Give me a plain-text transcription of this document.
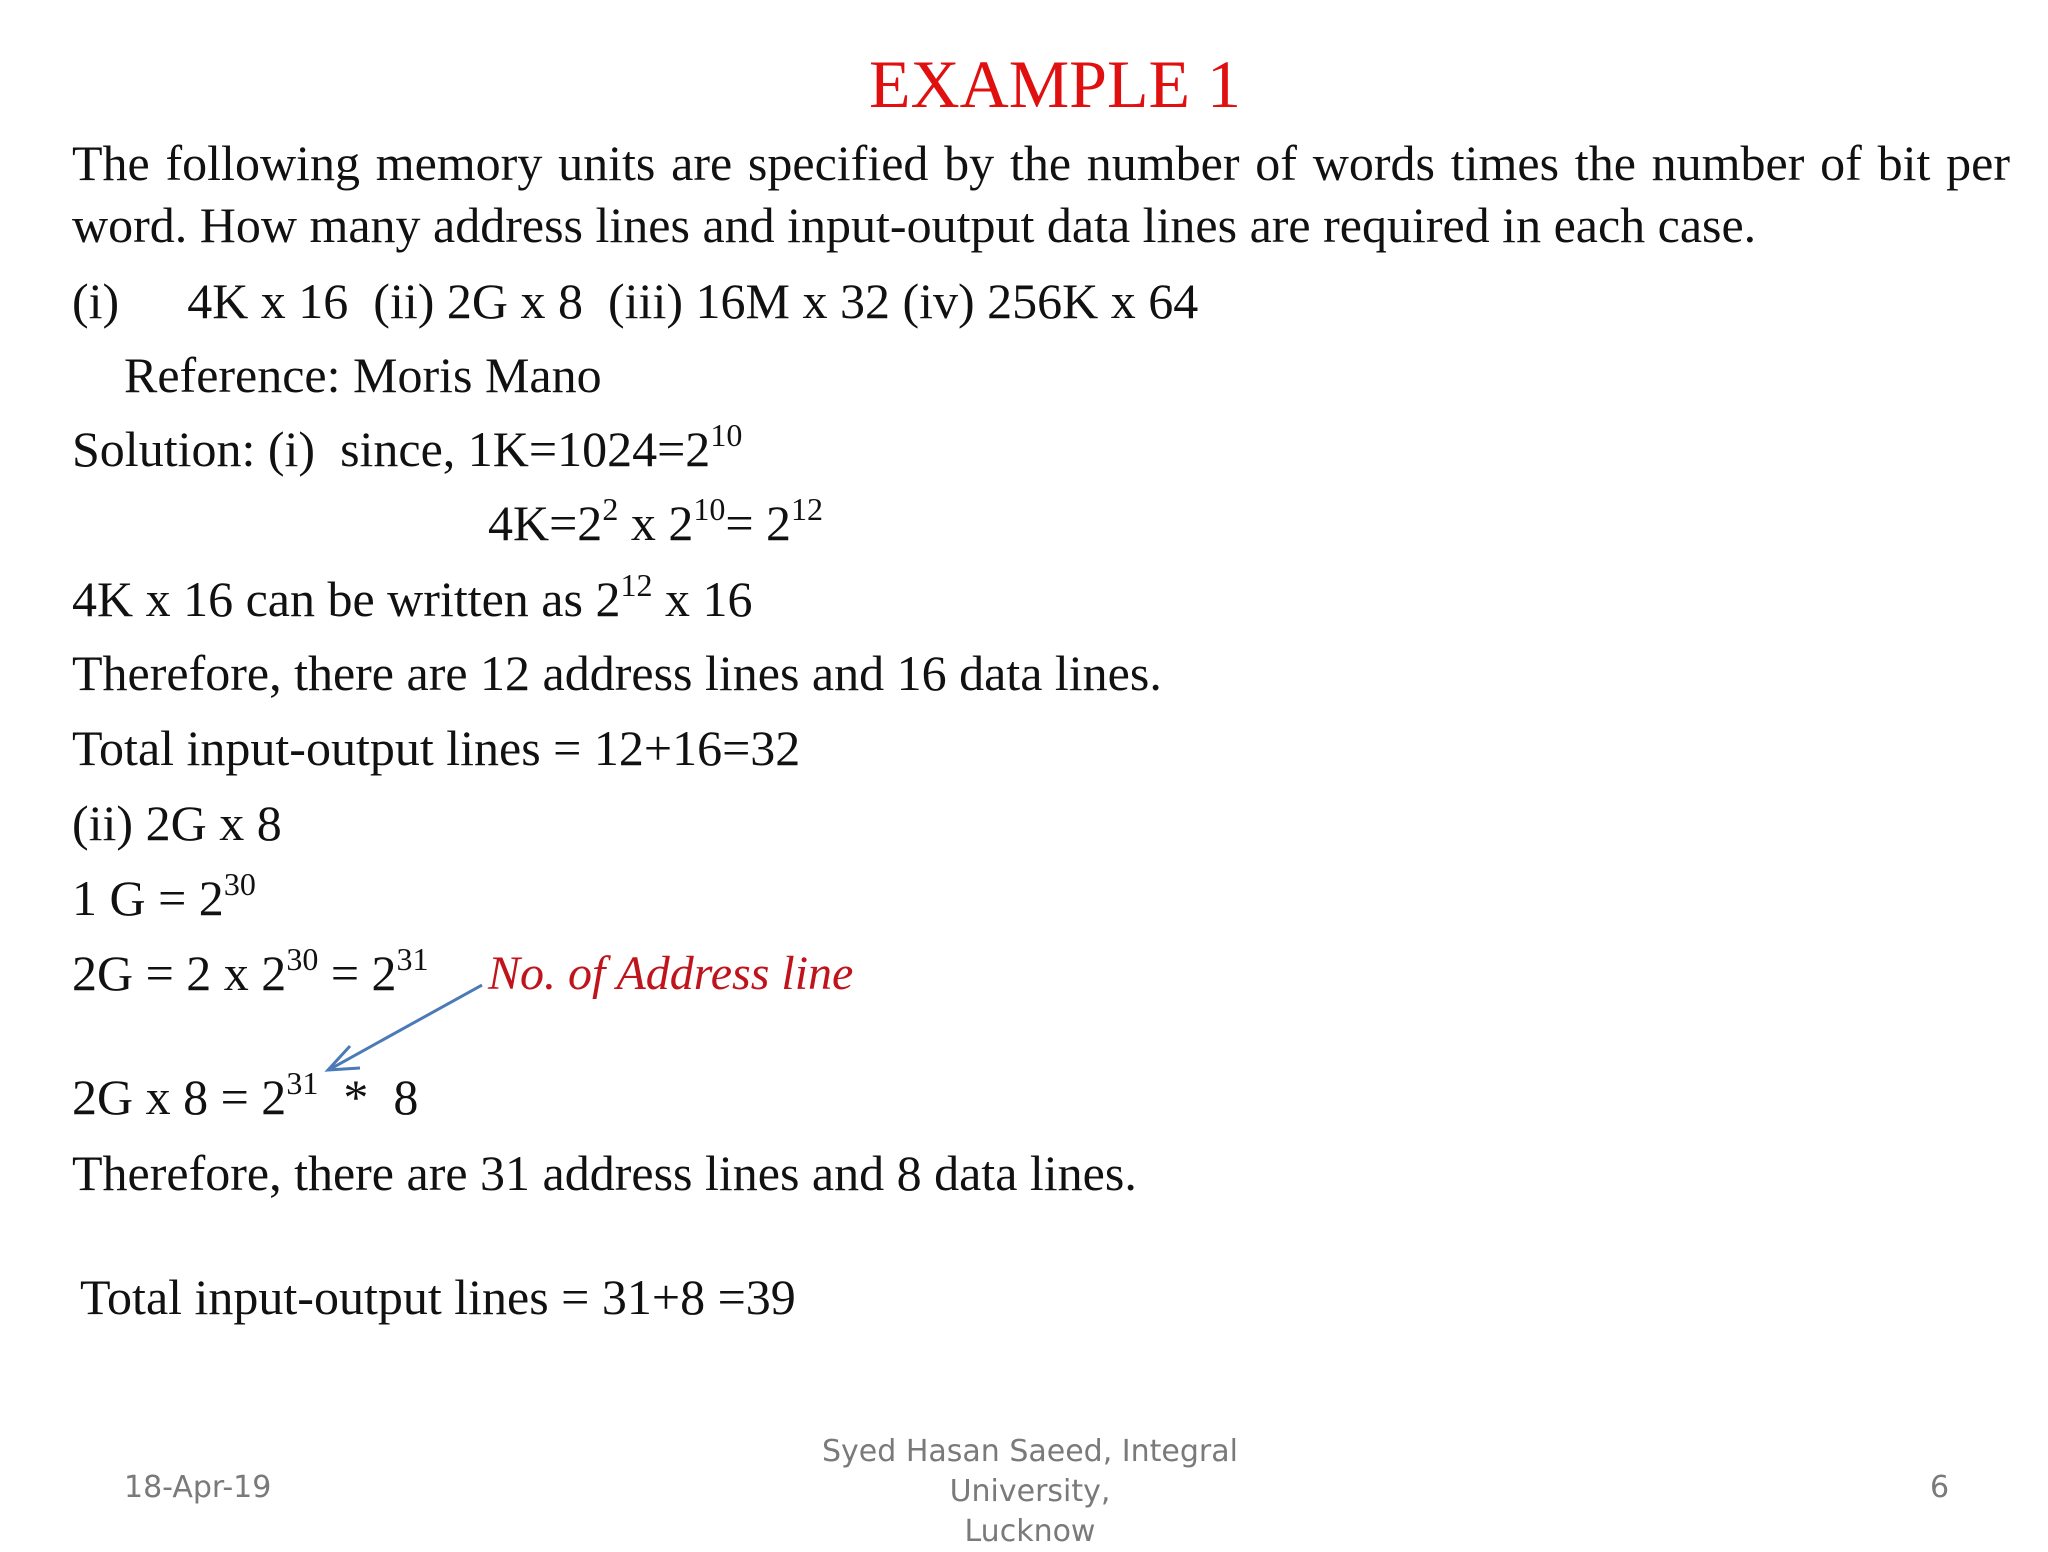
EXAMPLE 1
The following memory units are specified by the number of words times the number of bit per word. How many address lines and input-output data lines are required in each case.
(i) 4K x 16  (ii) 2G x 8  (iii) 16M x 32 (iv) 256K x 64
Reference: Moris Mano
Solution: (i)  since, $1K=1024=2^{10}$
$4K=2^2$ x $2^{10}= 2^{12}$
4K x 16 can be written as $2^{12}$ x 16
Therefore, there are 12 address lines and 16 data lines.
Total input-output lines = 12+16=32
(ii) 2G x 8
1 $G = 2^{30}$
2G = 2 x $2^{30} = 2^{31}$ No. of Address line
2G x $8 = 2^{31} * 8$
Therefore, there are 31 address lines and 8 data lines.
Total input-output lines = 31+8 =39
18-Apr-19
Syed Hasan Saeed, Integral University,
Lucknow
6
